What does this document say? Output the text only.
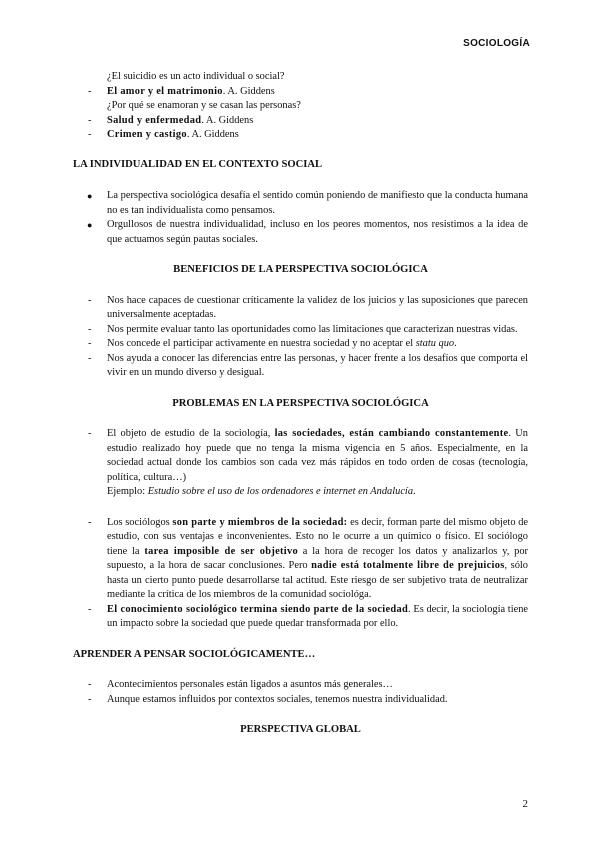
SOCIOLOGÍA

¿El suicidio es un acto individual o social?

- El amor y el matrimonio. A. Giddens

¿Por qué se enamoran y se casan las personas?

- Salud y enfermedad. A. Giddens

- Crimen y castigo. A. Giddens

LA INDIVIDUALIDAD EN EL CONTEXTO SOCIAL

● La perspectiva sociológica desafía el sentido común poniendo de manifiesto que la conducta humana no es tan individualista como pensamos.

● Orgullosos de nuestra individualidad, incluso en los peores momentos, nos resistimos a la idea de que actuamos según pautas sociales.

BENEFICIOS DE LA PERSPECTIVA SOCIOLÓGICA

- Nos hace capaces de cuestionar críticamente la validez de los juicios y las suposiciones que parecen universalmente aceptadas.

- Nos permite evaluar tanto las oportunidades como las limitaciones que caracterizan nuestras vidas.

- Nos concede el participar activamente en nuestra sociedad y no aceptar el statu quo.

- Nos ayuda a conocer las diferencias entre las personas, y hacer frente a los desafíos que comporta el vivir en un mundo diverso y desigual.

PROBLEMAS EN LA PERSPECTIVA SOCIOLÓGICA

- El objeto de estudio de la sociología, las sociedades, están cambiando constantemente. Un estudio realizado hoy puede que no tenga la misma vigencia en 5 años. Especialmente, en la sociedad actual donde los cambios son cada vez más rápidos en todo orden de cosas (tecnología, política, cultura…)

Ejemplo: Estudio sobre el uso de los ordenadores e internet en Andalucía.

- Los sociólogos son parte y miembros de la sociedad: es decir, forman parte del mismo objeto de estudio, con sus ventajas e inconvenientes. Esto no le ocurre a un químico o físico. El sociólogo tiene la tarea imposible de ser objetivo a la hora de recoger los datos y analizarlos y, por supuesto, a la hora de sacar conclusiones. Pero nadie está totalmente libre de prejuicios, sólo hasta un cierto punto puede desarrollarse tal actitud. Este riesgo de ser subjetivo trata de neutralizar mediante la crítica de los miembros de la comunidad sociológa.

- El conocimiento sociológico termina siendo parte de la sociedad. Es decir, la sociología tiene un impacto sobre la sociedad que puede quedar transformada por ello.

APRENDER A PENSAR SOCIOLÓGICAMENTE…

- Acontecimientos personales están ligados a asuntos más generales…

- Aunque estamos influidos por contextos sociales, tenemos nuestra individualidad.

PERSPECTIVA GLOBAL

2
